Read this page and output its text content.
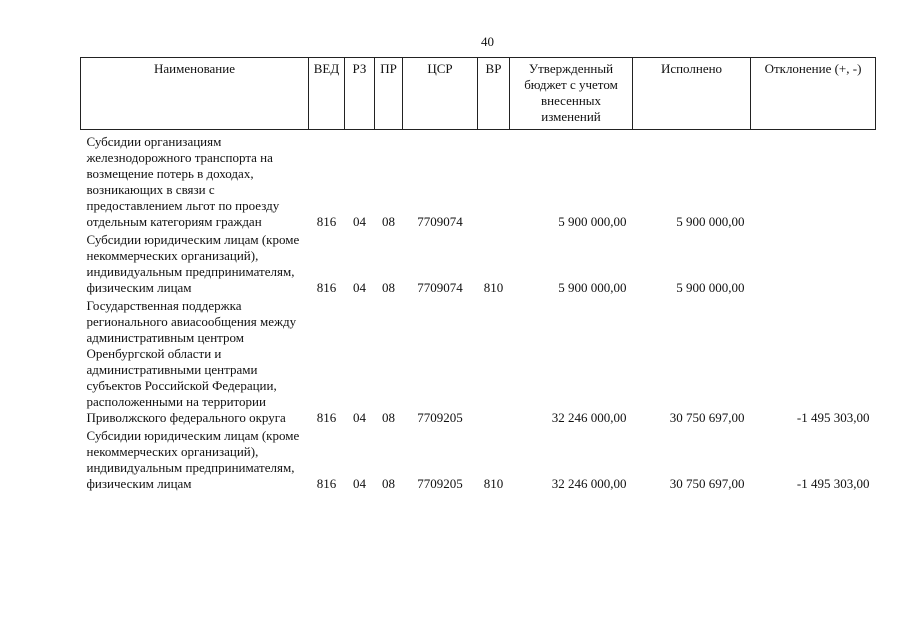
40
Наименование	ВЕД	РЗ	ПР	ЦСР	ВР	Утвержденный бюджет с учетом внесенных изменений	Исполнено	Отклонение (+, -)
Субсидии организациям железнодорожного транспорта на возмещение потерь в доходах, возникающих в связи с предоставлением льгот по проезду отдельным категориям граждан	816	04	08	7709074		5 900 000,00	5 900 000,00	
Субсидии юридическим лицам (кроме некоммерческих организаций), индивидуальным предпринимателям, физическим лицам	816	04	08	7709074	810	5 900 000,00	5 900 000,00	
Государственная поддержка регионального авиасообщения между административным центром Оренбургской области и административными центрами субъектов Российской Федерации, расположенными на территории Приволжского федерального округа	816	04	08	7709205		32 246 000,00	30 750 697,00	-1 495 303,00
Субсидии юридическим лицам (кроме некоммерческих организаций), индивидуальным предпринимателям, физическим лицам	816	04	08	7709205	810	32 246 000,00	30 750 697,00	-1 495 303,00
